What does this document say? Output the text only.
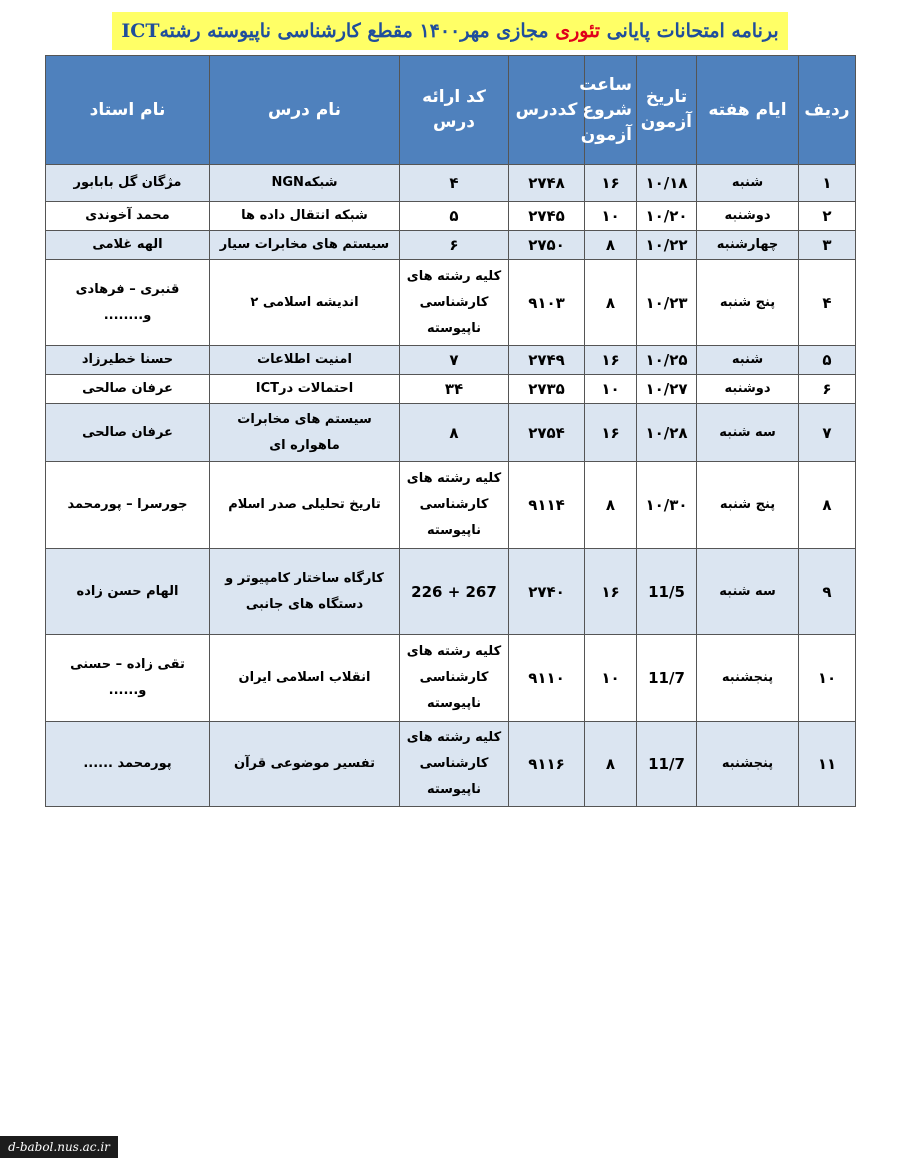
برنامه امتحانات پایانی تئوری مجازی مهر۱۴۰۰ مقطع کارشناسی ناپیوسته رشتهICT
ردیف	ایام هفته	تاریخ آزمون	ساعت شروع آزمون	کددرس	کد ارائه درس	نام درس	نام استاد
۱	شنبه	۱۰/۱۸	۱۶	۲۷۴۸	۴	شبکهNGN	مژگان گل بابابور
۲	دوشنبه	۱۰/۲۰	۱۰	۲۷۴۵	۵	شبکه انتقال داده ها	محمد آخوندی
۳	چهارشنبه	۱۰/۲۲	۸	۲۷۵۰	۶	سیستم های مخابرات سیار	الهه غلامی
۴	پنج شنبه	۱۰/۲۳	۸	۹۱۰۳	کلیه رشته های کارشناسی ناپیوسته	اندیشه اسلامی ۲	قنبری – فرهادی و........
۵	شنبه	۱۰/۲۵	۱۶	۲۷۴۹	۷	امنیت اطلاعات	حسنا خطیرزاد
۶	دوشنبه	۱۰/۲۷	۱۰	۲۷۳۵	۳۴	احتمالات درICT	عرفان صالحی
۷	سه شنبه	۱۰/۲۸	۱۶	۲۷۵۴	۸	سیستم های مخابرات ماهواره ای	عرفان صالحی
۸	پنج شنبه	۱۰/۳۰	۸	۹۱۱۴	کلیه رشته های کارشناسی ناپیوسته	تاریخ تحلیلی صدر اسلام	جورسرا – پورمحمد
۹	سه شنبه	11/5	۱۶	۲۷۴۰	267 + 226	کارگاه ساختار کامپیوتر و دستگاه های جانبی	الهام حسن زاده
۱۰	پنجشنبه	11/7	۱۰	۹۱۱۰	کلیه رشته های کارشناسی ناپیوسته	انقلاب اسلامی ایران	تقی زاده – حسنی و......
۱۱	پنجشنبه	11/7	۸	۹۱۱۶	کلیه رشته های کارشناسی ناپیوسته	تفسیر موضوعی قرآن	پورمحمد ......
d-babol.nus.ac.ir
